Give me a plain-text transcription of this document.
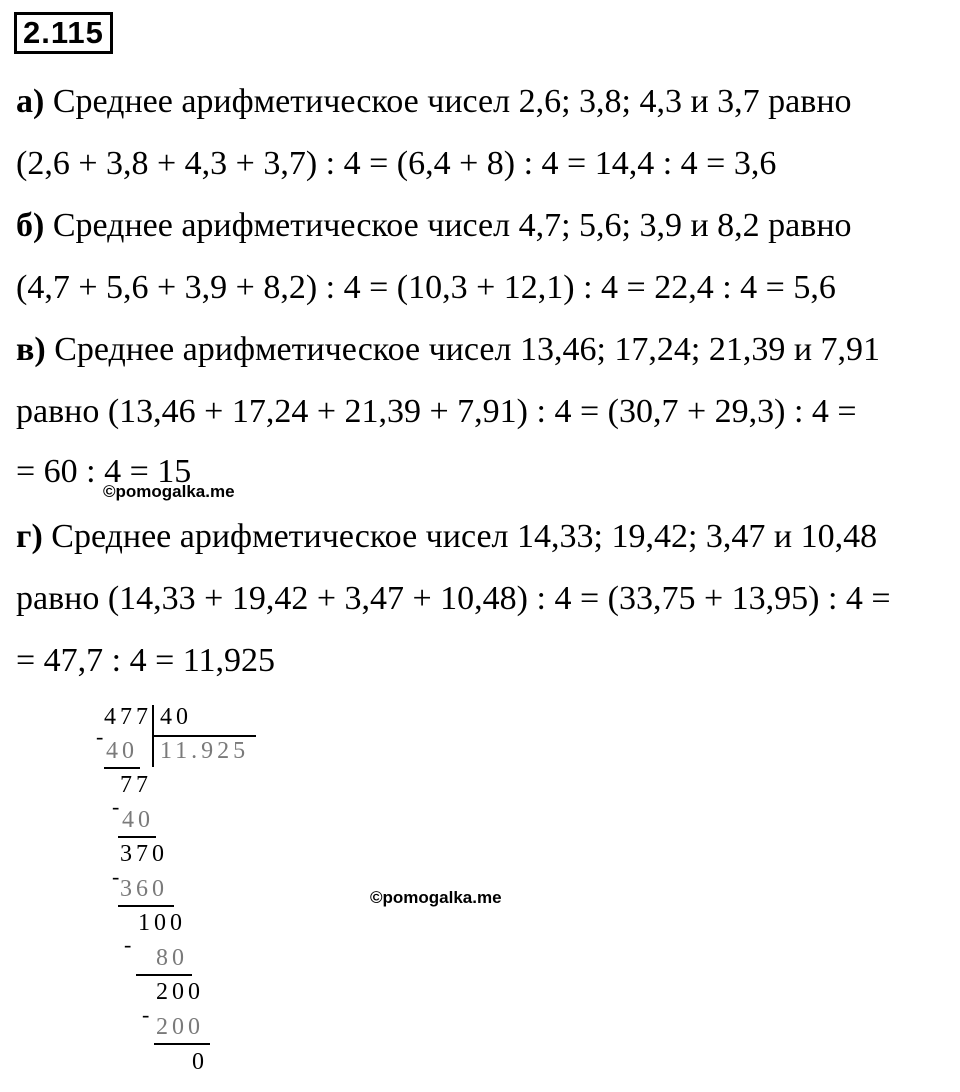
2.115
а) Среднее арифметическое чисел 2,6; 3,8; 4,3 и 3,7 равно
(2,6 + 3,8 + 4,3 + 3,7) : 4 = (6,4 + 8) : 4 = 14,4 : 4 = 3,6
б) Среднее арифметическое чисел 4,7; 5,6; 3,9 и 8,2 равно
(4,7 + 5,6 + 3,9 + 8,2) : 4 = (10,3 + 12,1) : 4 = 22,4 : 4 = 5,6
в) Среднее арифметическое чисел 13,46; 17,24; 21,39 и 7,91
равно (13,46 + 17,24 + 21,39 + 7,91) : 4 = (30,7 + 29,3) : 4 =
= 60 : 4 = 15
©pomogalka.me
г) Среднее арифметическое чисел 14,33; 19,42; 3,47 и 10,48
равно (14,33 + 19,42 + 3,47 + 10,48) : 4 = (33,75 + 13,95) : 4 =
= 47,7 : 4 = 11,925
477 40
11.925
-
40
77
-
40
370
- 360
100
-
80
200
- 200
0
©pomogalka.me
